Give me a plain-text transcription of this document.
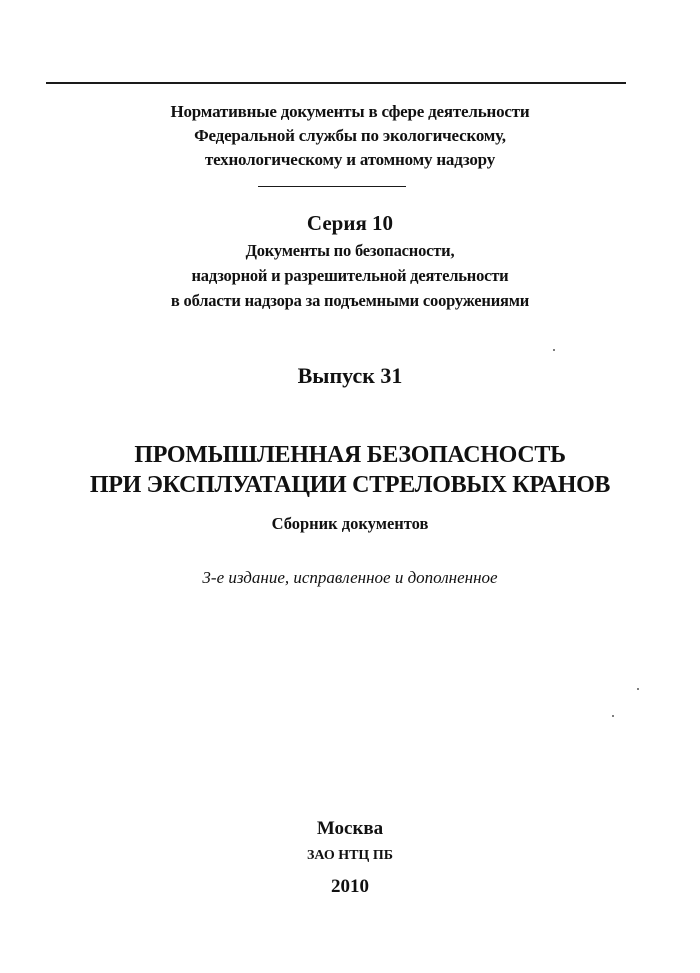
Нормативные документы в сфере деятельности
Федеральной службы по экологическому,
технологическому и атомному надзору
Серия 10
Документы по безопасности,
надзорной и разрешительной деятельности
в области надзора за подъемными сооружениями
Выпуск 31
ПРОМЫШЛЕННАЯ БЕЗОПАСНОСТЬ
ПРИ ЭКСПЛУАТАЦИИ СТРЕЛОВЫХ КРАНОВ
Сборник документов
3-е издание, исправленное и дополненное
Москва
ЗАО НТЦ ПБ
2010
